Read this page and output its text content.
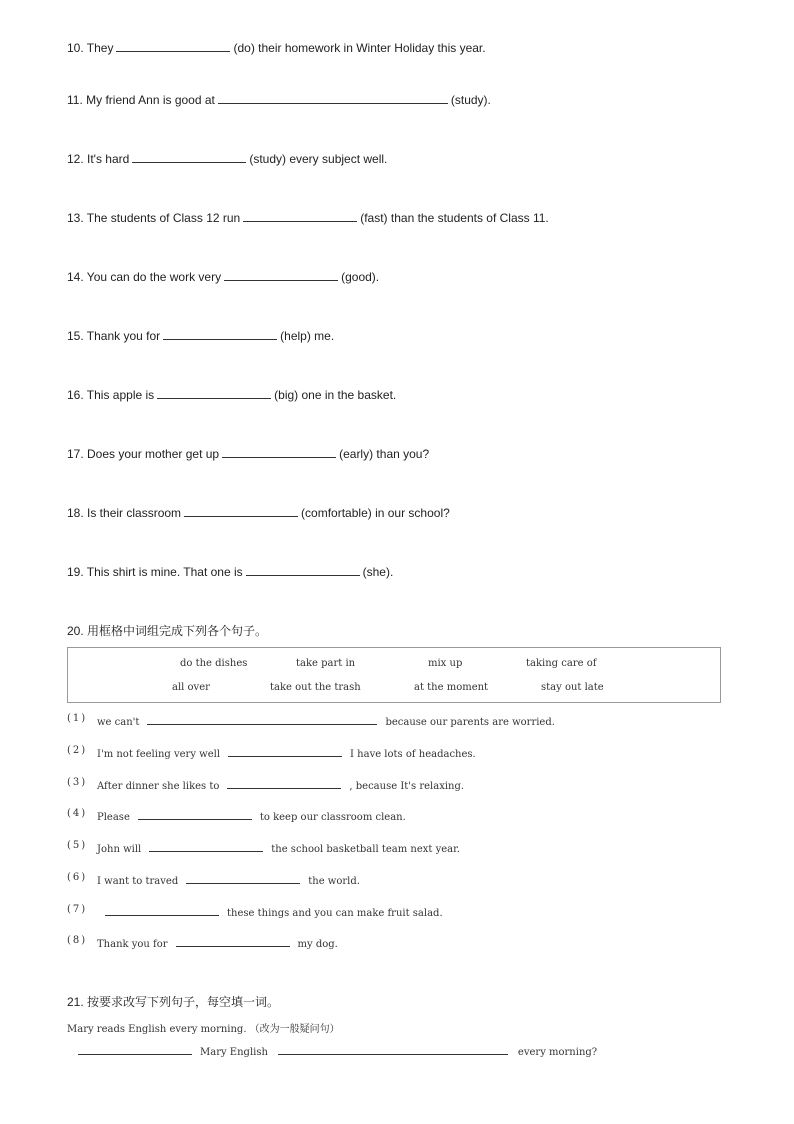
10. They	(do) their homework in Winter Holiday this year.
11. My friend Ann is good at	(study).
12. It's hard	(study) every subject well.
13. The students of Class 12 run	(fast) than the students of Class 11.
14. You can do the work very	(good).
15. Thank you for	(help) me.
16. This apple is	(big) one in the basket.
17. Does your mother get up	(early) than you?
18. Is their classroom	(comfortable) in our school?
19. This shirt is mine. That one is	(she).
20. 用框格中词组完成下列各个句子。
do the dishes	take part in	mix up	taking care of
all over	take out the trash	at the moment	stay out late
(1) we can't	because our parents are worried.
(2) I'm not feeling very well	I have lots of headaches.
(3) After dinner she likes to	, because It's relaxing.
(4) Please	to keep our classroom clean.
(5) John will	the school basketball team next year.
(6) I want to traved	the world.
(7)	these things and you can make fruit salad.
(8) Thank you for	my dog.
21. 按要求改写下列句子，每空填一词。
Mary reads English every morning. （改为一般疑问句）
Mary English	every morning?
